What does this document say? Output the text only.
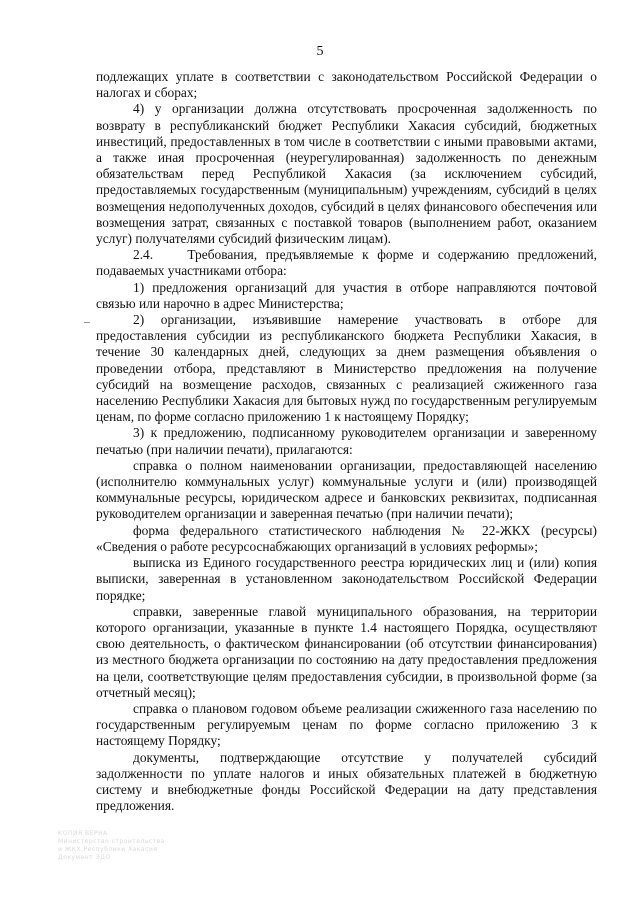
5

подлежащих уплате в соответствии с законодательством Российской Федерации о налогах и сборах;

4) у организации должна отсутствовать просроченная задолженность по возврату в республиканский бюджет Республики Хакасия субсидий, бюджетных инвестиций, предоставленных в том числе в соответствии с иными правовыми актами, а также иная просроченная (неурегулированная) задолженность по денежным обязательствам перед Республикой Хакасия (за исключением субсидий, предоставляемых государственным (муниципальным) учреждениям, субсидий в целях возмещения недополученных доходов, субсидий в целях финансового обеспечения или возмещения затрат, связанных с поставкой товаров (выполнением работ, оказанием услуг) получателями субсидий физическим лицам).

2.4.    Требования, предъявляемые к форме и содержанию предложений, подаваемых участниками отбора:

1) предложения организаций для участия в отборе направляются почтовой связью или нарочно в адрес Министерства;

2) организации, изъявившие намерение участвовать в отборе для предоставления субсидии из республиканского бюджета Республики Хакасия, в течение 30 календарных дней, следующих за днем размещения объявления о проведении отбора, представляют в Министерство предложения на получение субсидий на возмещение расходов, связанных с реализацией сжиженного газа населению Республики Хакасия для бытовых нужд по государственным регулируемым ценам, по форме согласно приложению 1 к настоящему Порядку;

3) к предложению, подписанному руководителем организации и заверенному печатью (при наличии печати), прилагаются:

справка о полном наименовании организации, предоставляющей населению (исполнителю коммунальных услуг) коммунальные услуги и (или) производящей коммунальные ресурсы, юридическом адресе и банковских реквизитах, подписанная руководителем организации и заверенная печатью (при наличии печати);

форма федерального статистического наблюдения № 22-ЖКХ (ресурсы) «Сведения о работе ресурсоснабжающих организаций в условиях реформы»;

выписка из Единого государственного реестра юридических лиц и (или) копия выписки, заверенная в установленном законодательством Российской Федерации порядке;

справки, заверенные главой муниципального образования, на территории которого организации, указанные в пункте 1.4 настоящего Порядка, осуществляют свою деятельность, о фактическом финансировании (об отсутствии финансирования) из местного бюджета организации по состоянию на дату предоставления предложения на цели, соответствующие целям предоставления субсидии, в произвольной форме (за отчетный месяц);

справка о плановом годовом объеме реализации сжиженного газа населению по государственным регулируемым ценам по форме согласно приложению 3 к настоящему Порядку;

документы, подтверждающие отсутствие у получателей субсидий задолженности по уплате налогов и иных обязательных платежей в бюджетную систему и внебюджетные фонды Российской Федерации на дату представления предложения.

КОПИЯ ВЕРНА
Министерство строительства
и ЖКХ Республики Хакасия
Документ ЭДО
